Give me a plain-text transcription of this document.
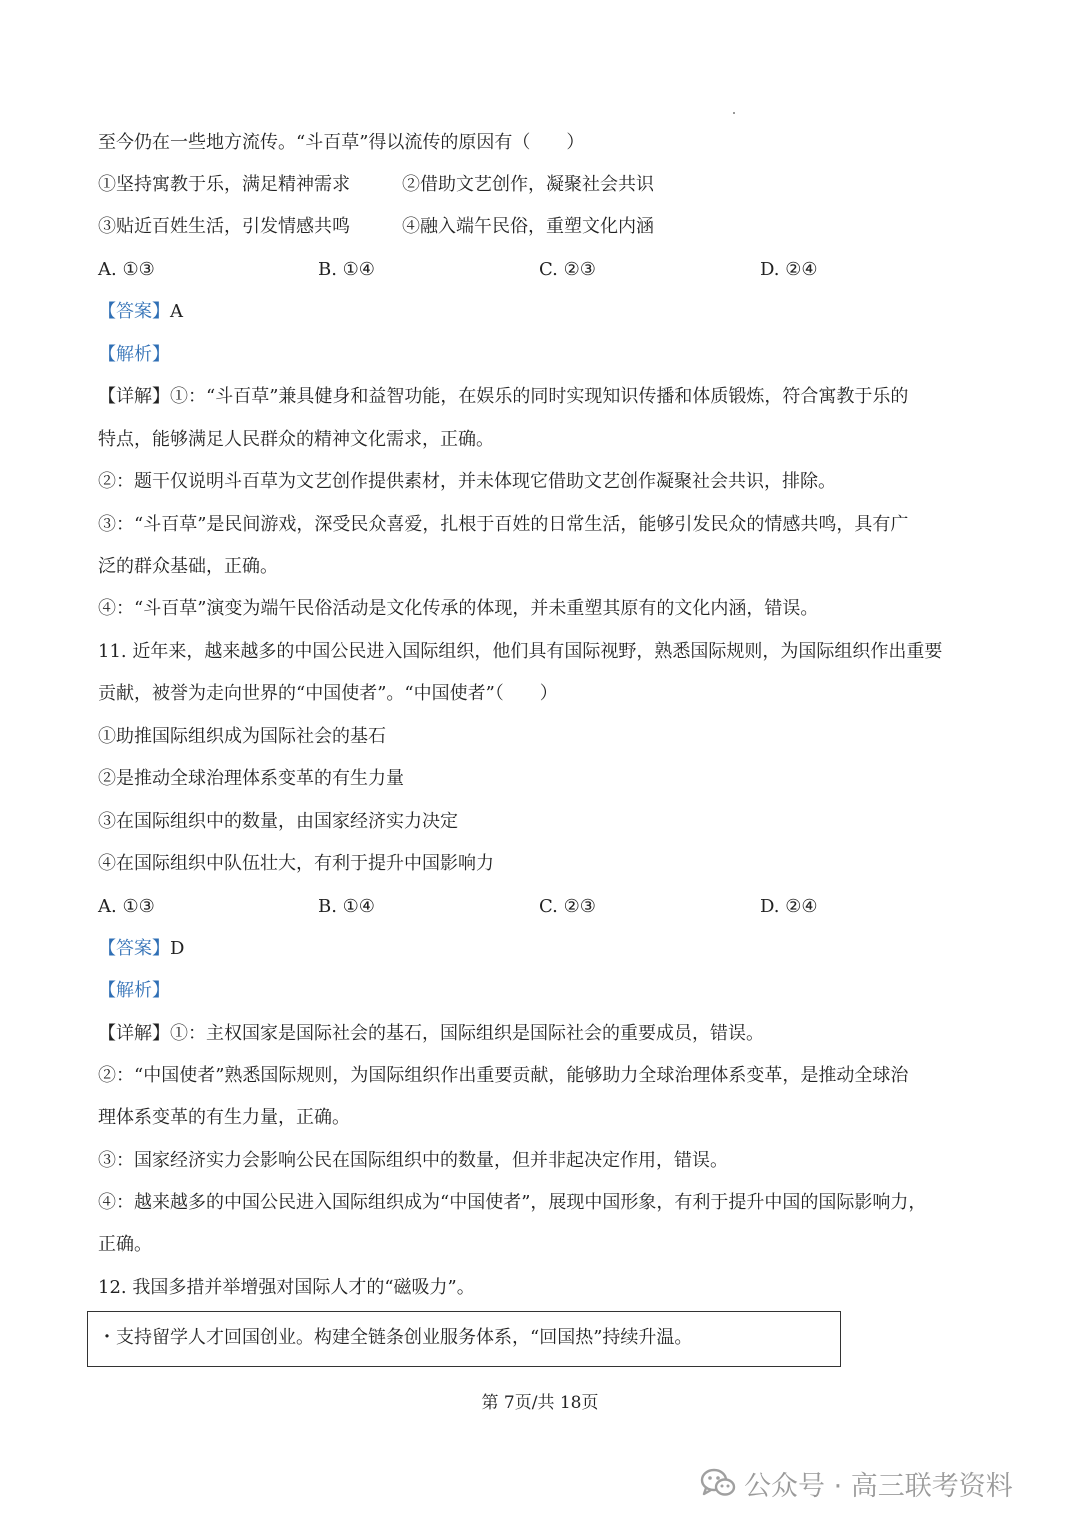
至今仍在一些地方流传。“斗百草”得以流传的原因有（　　）
①坚持寓教于乐，满足精神需求	②借助文艺创作，凝聚社会共识
③贴近百姓生活，引发情感共鸣	④融入端午民俗，重塑文化内涵
A. ①③	B. ①④	C. ②③	D. ②④
【答案】A
【解析】
【详解】①：“斗百草”兼具健身和益智功能，在娱乐的同时实现知识传播和体质锻炼，符合寓教于乐的
特点，能够满足人民群众的精神文化需求，正确。
②：题干仅说明斗百草为文艺创作提供素材，并未体现它借助文艺创作凝聚社会共识，排除。
③：“斗百草”是民间游戏，深受民众喜爱，扎根于百姓的日常生活，能够引发民众的情感共鸣，具有广
泛的群众基础，正确。
④：“斗百草”演变为端午民俗活动是文化传承的体现，并未重塑其原有的文化内涵，错误。
11. 近年来，越来越多的中国公民进入国际组织，他们具有国际视野，熟悉国际规则，为国际组织作出重要
贡献，被誉为走向世界的“中国使者”。“中国使者”（　　）
①助推国际组织成为国际社会的基石
②是推动全球治理体系变革的有生力量
③在国际组织中的数量，由国家经济实力决定
④在国际组织中队伍壮大，有利于提升中国影响力
A. ①③	B. ①④	C. ②③	D. ②④
【答案】D
【解析】
【详解】①：主权国家是国际社会的基石，国际组织是国际社会的重要成员，错误。
②：“中国使者”熟悉国际规则，为国际组织作出重要贡献，能够助力全球治理体系变革，是推动全球治
理体系变革的有生力量，正确。
③：国家经济实力会影响公民在国际组织中的数量，但并非起决定作用，错误。
④：越来越多的中国公民进入国际组织成为“中国使者”，展现中国形象，有利于提升中国的国际影响力，
正确。
12. 我国多措并举增强对国际人才的“磁吸力”。
・支持留学人才回国创业。构建全链条创业服务体系，“回国热”持续升温。
第 7页/共 18页
公众号 · 高三联考资料
